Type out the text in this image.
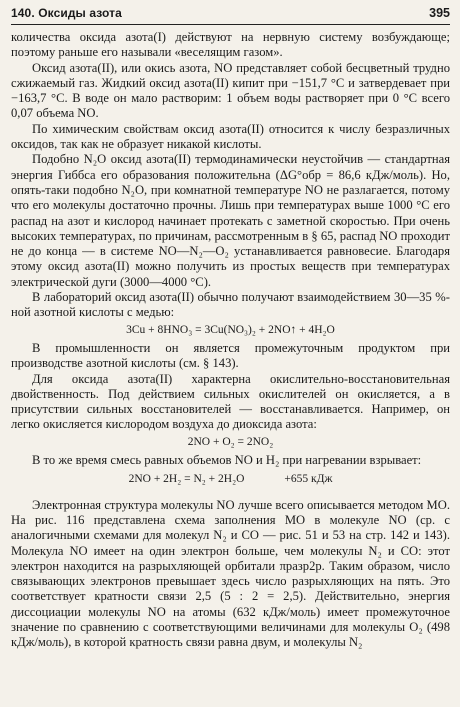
140. Оксиды азота	395

количества оксида азота(I) действуют на нервную систему возбуждающе; поэтому раньше его называли «веселящим газом».

Оксид азота(II), или окись азота, NO представляет собой бесцветный трудно сжижаемый газ. Жидкий оксид азота(II) кипит при −151,7 °C и затвердевает при −163,7 °C. В воде он мало растворим: 1 объем воды растворяет при 0 °C всего 0,07 объема NO.

По химическим свойствам оксид азота(II) относится к числу безразличных оксидов, так как не образует никакой кислоты.

Подобно N₂O оксид азота(II) термодинамически неустойчив — стандартная энергия Гиббса его образования положительна (ΔG°обр = 86,6 кДж/моль). Но, опять-таки подобно N₂O, при комнатной температуре NO не разлагается, потому что его молекулы достаточно прочны. Лишь при температурах выше 1000 °C его распад на азот и кислород начинает протекать с заметной скоростью. При очень высоких температурах, по причинам, рассмотренным в § 65, распад NO проходит не до конца — в системе NO—N₂—O₂ устанавливается равновесие. Благодаря этому оксид азота(II) можно получить из простых веществ при температурах электрической дуги (3000—4000 °C).

В лабораторий оксид азота(II) обычно получают взаимодействием 30—35 %-ной азотной кислоты с медью:

3Cu + 8HNO₃ = 3Cu(NO₃)₂ + 2NO↑ + 4H₂O

В промышленности он является промежуточным продуктом при производстве азотной кислоты (см. § 143).

Для оксида азота(II) характерна окислительно-восстановительная двойственность. Под действием сильных окислителей он окисляется, а в присутствии сильных восстановителей — восстанавливается. Например, он легко окисляется кислородом воздуха до диоксида азота:

2NO + O₂ = 2NO₂

В то же время смесь равных объемов NO и H₂ при нагревании взрывает:

2NO + 2H₂ = N₂ + 2H₂O	+655 кДж

Электронная структура молекулы NO лучше всего описывается методом МО. На рис. 116 представлена схема заполнения МО в молекуле NO (ср. с аналогичными схемами для молекул N₂ и CO — рис. 51 и 53 на стр. 142 и 143). Молекула NO имеет на один электрон больше, чем молекулы N₂ и CO: этот электрон находится на разрыхляющей орбитали πразр2p. Таким образом, число связывающих электронов превышает здесь число разрыхляющих на пять. Это соответствует кратности связи 2,5 (5 : 2 = 2,5). Действительно, энергия диссоциации молекулы NO на атомы (632 кДж/моль) имеет промежуточное значение по сравнению с соответствующими величинами для молекулы O₂ (498 кДж/моль), в которой кратность связи равна двум, и молекулы N₂
